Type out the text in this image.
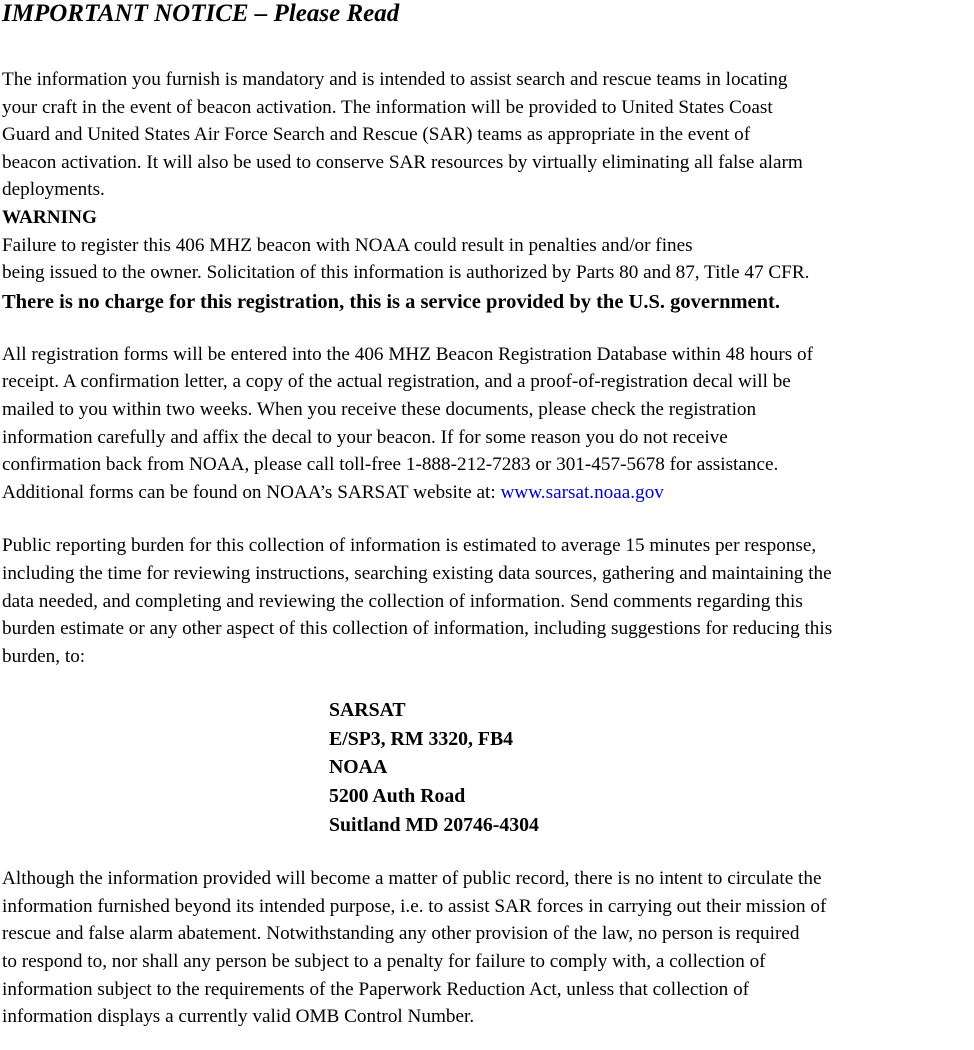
IMPORTANT NOTICE – Please Read

The information you furnish is mandatory and is intended to assist search and rescue teams in locating
your craft in the event of beacon activation. The information will be provided to United States Coast
Guard and United States Air Force Search and Rescue (SAR) teams as appropriate in the event of
beacon activation. It will also be used to conserve SAR resources by virtually eliminating all false alarm
deployments.

WARNING

Failure to register this 406 MHZ beacon with NOAA could result in penalties and/or fines
being issued to the owner. Solicitation of this information is authorized by Parts 80 and 87, Title 47 CFR.

There is no charge for this registration, this is a service provided by the U.S. government.

All registration forms will be entered into the 406 MHZ Beacon Registration Database within 48 hours of
receipt. A confirmation letter, a copy of the actual registration, and a proof-of-registration decal will be
mailed to you within two weeks. When you receive these documents, please check the registration
information carefully and affix the decal to your beacon. If for some reason you do not receive
confirmation back from NOAA, please call toll-free 1-888-212-7283 or 301-457-5678 for assistance.
Additional forms can be found on NOAA’s SARSAT website at: www.sarsat.noaa.gov

Public reporting burden for this collection of information is estimated to average 15 minutes per response,
including the time for reviewing instructions, searching existing data sources, gathering and maintaining the
data needed, and completing and reviewing the collection of information. Send comments regarding this
burden estimate or any other aspect of this collection of information, including suggestions for reducing this
burden, to:

SARSAT
E/SP3, RM 3320, FB4
NOAA
5200 Auth Road
Suitland MD 20746-4304

Although the information provided will become a matter of public record, there is no intent to circulate the
information furnished beyond its intended purpose, i.e. to assist SAR forces in carrying out their mission of
rescue and false alarm abatement. Notwithstanding any other provision of the law, no person is required
to respond to, nor shall any person be subject to a penalty for failure to comply with, a collection of
information subject to the requirements of the Paperwork Reduction Act, unless that collection of
information displays a currently valid OMB Control Number.
